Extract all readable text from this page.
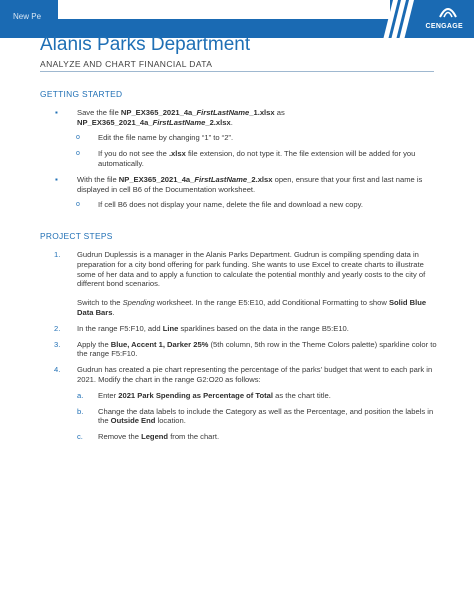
New Pe
CENGAGE
Alanis Parks Department
ANALYZE AND CHART FINANCIAL DATA
GETTING STARTED
▪	Save the file NP_EX365_2021_4a_FirstLastName_1.xlsx as NP_EX365_2021_4a_FirstLastName_2.xlsx.
o Edit the file name by changing “1” to “2”.
o If you do not see the .xlsx file extension, do not type it. The file extension will be added for you automatically.
▪	With the file NP_EX365_2021_4a_FirstLastName_2.xlsx open, ensure that your first and last name is displayed in cell B6 of the Documentation worksheet.
o If cell B6 does not display your name, delete the file and download a new copy.
PROJECT STEPS
1. Gudrun Duplessis is a manager in the Alanis Parks Department. Gudrun is compiling spending data in preparation for a city bond offering for park funding. She wants to use Excel to create charts to illustrate some of her data and to apply a function to calculate the potential monthly and yearly costs to the city of different bond scenarios.

Switch to the Spending worksheet. In the range E5:E10, add Conditional Formatting to show Solid Blue Data Bars.

2. In the range F5:F10, add Line sparklines based on the data in the range B5:E10.
3. Apply the Blue, Accent 1, Darker 25% (5th column, 5th row in the Theme Colors palette) sparkline color to the range F5:F10.
4. Gudrun has created a pie chart representing the percentage of the parks’ budget that went to each park in 2021. Modify the chart in the range G2:O20 as follows:
a. Enter 2021 Park Spending as Percentage of Total as the chart title.
b. Change the data labels to include the Category as well as the Percentage, and position the labels in the Outside End location.
c. Remove the Legend from the chart.
